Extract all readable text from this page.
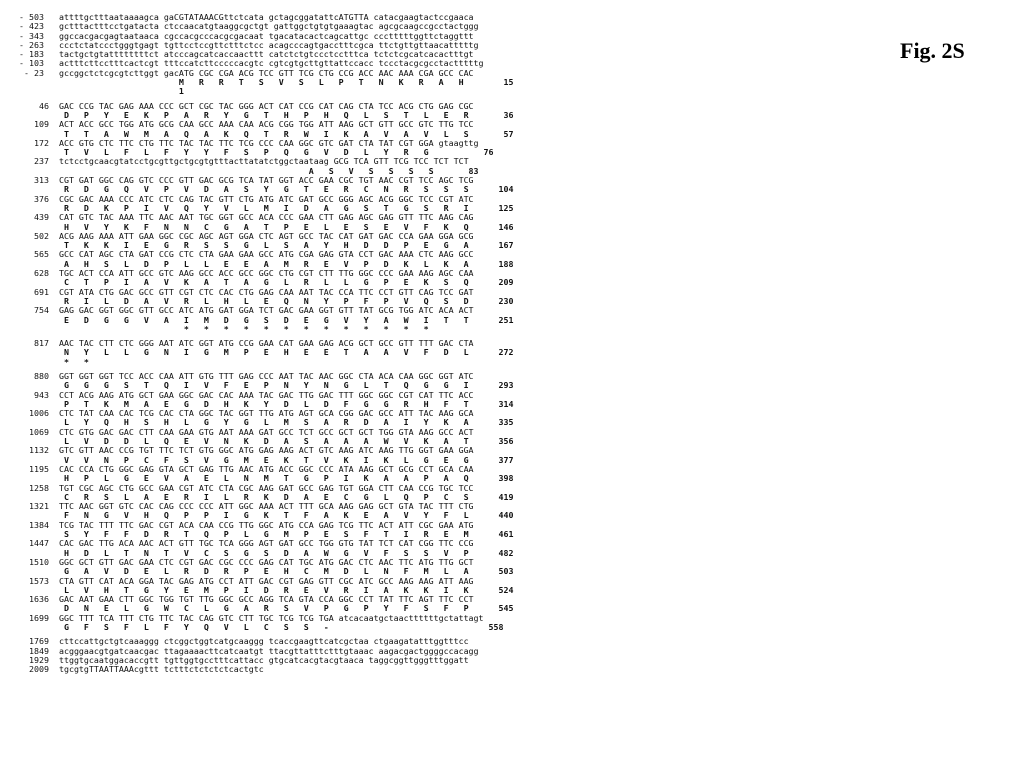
Fig. 2S
- 503   attttgctttaataaaagca gaCGTATAAACGttctcata gctagcggatattcATGTTA catacgaagtactccgaaca
- 423   gctttactttcctgatacta ctccaacatgtaaggcgctgt gattggctgtgtgaaagtac agcgcaagccgcctactggg
- 343   ggccacgacgagtaataaca cgccacgcccacgcgacaat tgacatacactcagcattgc ccctttttggttctaggttt
- 263   ccctctatccctgggtgagt tgttcctccgttctttctcc acagcccagtgacctttcgca ttctgttgttaacatttttg
- 183   tactgctgtattttttttct atcccagcatcaccaacttt catctctgtccctcctttca tctctcgcatcacactttgt
- 103   actttcttcctttcactcgt tttccatcttcccccacgtc cgtcgtgcttgttattccacc tccctacgcgcctactttttg
- 23   gccggctctcgcgtcttggt gacATG CGC CGA ACG TCC GTT TCG CTG CCG ACC AAC AAA CGA GCC CAC
M   R   R   T   S   V   S   L   P   T   N   K   R   A   H        15
1
46  GAC CCG TAC GAG AAA CCC GCT CGC TAC GGG ACT CAT CCG CAT CAG CTA TCC ACG CTG GAG CGC
D   P   Y   E   K   P   A   R   Y   G   T   H   P   H   Q   L   S   T   L   E   R       36
109  ACT ACC GCC TGG ATG GCG CAA GCC AAA CAA ACG CGG TGG ATT AAG GCT GTT GCC GTC TTG TCC
T   T   A   W   M   A   Q   A   K   Q   T   R   W   I   K   A   V   A   V   L   S       57
172  ACC GTG CTC TTC CTG TTC TAC TAC TTC TCG CCC CAA GGC GTC GAT CTA TAT CGT GGA gtaagttg
T   V   L   F   L   F   Y   Y   F   S   P   Q   G   V   D   L   Y   R   G           76
237  tctcctgcaacgtatcctgcgttgctgcgtgtttacttatatctggctaataag GCG TCA GTT TCG TCC TCT TCT
A   S   V   S   S   S   S       83
313  CGT GAT GGC CAG GTC CCC GTT GAC GCG TCA TAT GGT ACC GAA CGC TGT AAC CGT TCC AGC TCG
R   D   G   Q   V   P   V   D   A   S   Y   G   T   E   R   C   N   R   S   S   S      104
376  CGC GAC AAA CCC ATC CTC CAG TAC GTT CTG ATG ATC GAT GCC GGG AGC ACG GGC TCC CGT ATC
R   D   K   P   I   V   Q   Y   V   L   M   I   D   A   G   S   T   G   S   R   I      125
439  CAT GTC TAC AAA TTC AAC AAT TGC GGT GCC ACA CCC GAA CTT GAG AGC GAG GTT TTC AAG CAG
H   V   Y   K   F   N   N   C   G   A   T   P   E   L   E   S   E   V   F   K   Q      146
502  ACG AAG AAA ATT GAA GGC CGC AGC AGT GGA CTC AGT GCC TAC CAT GAT GAC CCA GAA GGA GCG
T   K   K   I   E   G   R   S   S   G   L   S   A   Y   H   D   D   P   E   G   A      167
565  GCC CAT AGC CTA GAT CCG CTC CTA GAA GAA GCC ATG CGA GAG GTA CCT GAC AAA CTC AAG GCC
A   H   S   L   D   P   L   L   E   E   A   M   R   E   V   P   D   K   L   K   A      188
628  TGC ACT CCA ATT GCC GTC AAG GCC ACC GCC GGC CTG CGT CTT TTG GGC CCC GAA AAG AGC CAA
C   T   P   I   A   V   K   A   T   A   G   L   R   L   L   G   P   E   K   S   Q      209
691  CGT ATA CTG GAC GCC GTT CGT CTC CAC CTG GAG CAA AAT TAC CCA TTC CCT GTT CAG TCC GAT
R   I   L   D   A   V   R   L   H   L   E   Q   N   Y   P   F   P   V   Q   S   D      230
754  GAG GAC GGT GGC GTT GCC ATC ATG GAT GGA TCT GAC GAA GGT GTT TAT GCG TGG ATC ACA ACT
E   D   G   G   V   A   I   M   D   G   S   D   E   G   V   Y   A   W   I   T   T      251
*   *   *   *   *   *   *   *   *   *   *   *   *
817  AAC TAC CTT CTC GGG AAT ATC GGT ATG CCG GAA CAT GAA GAG ACG GCT GCC GTT TTT GAC CTA
N   Y   L   L   G   N   I   G   M   P   E   H   E   E   T   A   A   V   F   D   L      272
*   *
880  GGT GGT GGT TCC ACC CAA ATT GTG TTT GAG CCC AAT TAC AAC GGC CTA ACA CAA GGC GGT ATC
G   G   G   S   T   Q   I   V   F   E   P   N   Y   N   G   L   T   Q   G   G   I      293
943  CCT ACG AAG ATG GCT GAA GGC GAC CAC AAA TAC GAC TTG GAC TTT GGC GGC CGT CAT TTC ACC
P   T   K   M   A   E   G   D   H   K   Y   D   L   D   F   G   G   R   H   F   T      314
1006  CTC TAT CAA CAC TCG CAC CTA GGC TAC GGT TTG ATG AGT GCA CGG GAC GCC ATT TAC AAG GCA
L   Y   Q   H   S   H   L   G   Y   G   L   M   S   A   R   D   A   I   Y   K   A      335
1069  CTC GTG GAC GAC CTT CAA GAA GTG AAT AAA GAT GCC TCT GCC GCT GCT TGG GTA AAG GCC ACT
L   V   D   D   L   Q   E   V   N   K   D   A   S   A   A   A   W   V   K   A   T      356
1132  GTC GTT AAC CCG TGT TTC TCT GTG GGC ATG GAG AAG ACT GTC AAG ATC AAG TTG GGT GAA GGA
V   V   N   P   C   F   S   V   G   M   E   K   T   V   K   I   K   L   G   E   G      377
1195  CAC CCA CTG GGC GAG GTA GCT GAG TTG AAC ATG ACC GGC CCC ATA AAG GCT GCG CCT GCA CAA
H   P   L   G   E   V   A   E   L   N   M   T   G   P   I   K   A   A   P   A   Q      398
1258  TGT CGC AGC CTG GCC GAA CGT ATC CTA CGC AAG GAT GCC GAG TGT GGA CTT CAA CCG TGC TCC
C   R   S   L   A   E   R   I   L   R   K   D   A   E   C   G   L   Q   P   C   S      419
1321  TTC AAC GGT GTC CAC CAG CCC CCC ATT GGC AAA ACT TTT GCA AAG GAG GCT GTA TAC TTT CTG
F   N   G   V   H   Q   P   P   I   G   K   T   F   A   K   E   A   V   Y   F   L      440
1384  TCG TAC TTT TTC GAC CGT ACA CAA CCG TTG GGC ATG CCA GAG TCG TTC ACT ATT CGC GAA ATG
S   Y   F   F   D   R   T   Q   P   L   G   M   P   E   S   F   T   I   R   E   M      461
1447  CAC GAC TTG ACA AAC ACT GTT TGC TCA GGG AGT GAT GCC TGG GTG TAT TCT CAT CGG TTC CCG
H   D   L   T   N   T   V   C   S   G   S   D   A   W   G   V   F   S   S   V   P      482
1510  GGC GCT GTT GAC GAA CTC CGT GAC CGC CCC GAG CAT TGC ATG GAC CTC AAC TTC ATG TTG GCT
G   A   V   D   E   L   R   D   R   P   E   H   C   M   D   L   N   F   M   L   A      503
1573  CTA GTT CAT ACA GGA TAC GAG ATG CCT ATT GAC CGT GAG GTT CGC ATC GCC AAG AAG ATT AAG
L   V   H   T   G   Y   E   M   P   I   D   R   E   V   R   I   A   K   K   I   K      524
1636  GAC AAT GAA CTT GGC TGG TGT TTG GGC GCC AGG TCA GTA CCA GGC CCT TAT TTC AGT TTC CCT
D   N   E   L   G   W   C   L   G   A   R   S   V   P   G   P   Y   F   S   F   P      545
1699  GGC TTT TCA TTT CTG TTC TAC CAG GTC CTT TGC TCG TCG TGA atcacaatgctaacttttttgctattagt
G   F   S   F   L   F   Y   Q   V   L   C   S   S   -                                558
1769  cttccattgctgtcaaaggg ctcggctggtcatgcaaggg tcaccgaagttcatcgctaa ctgaagatatttggtttcc
1849  acgggaacgtgatcaacgac ttagaaaacttcatcaatgt ttacgttatttctttgtaaac aagacgactggggccacagg
1929  ttggtgcaatggacaccgtt tgttggtgcctttcattacc gtgcatcacgtacgtaaca taggcggttgggtttggatt
2009  tgcgtgTTAATTAAAcgttt tctttctctctctcactgtc
